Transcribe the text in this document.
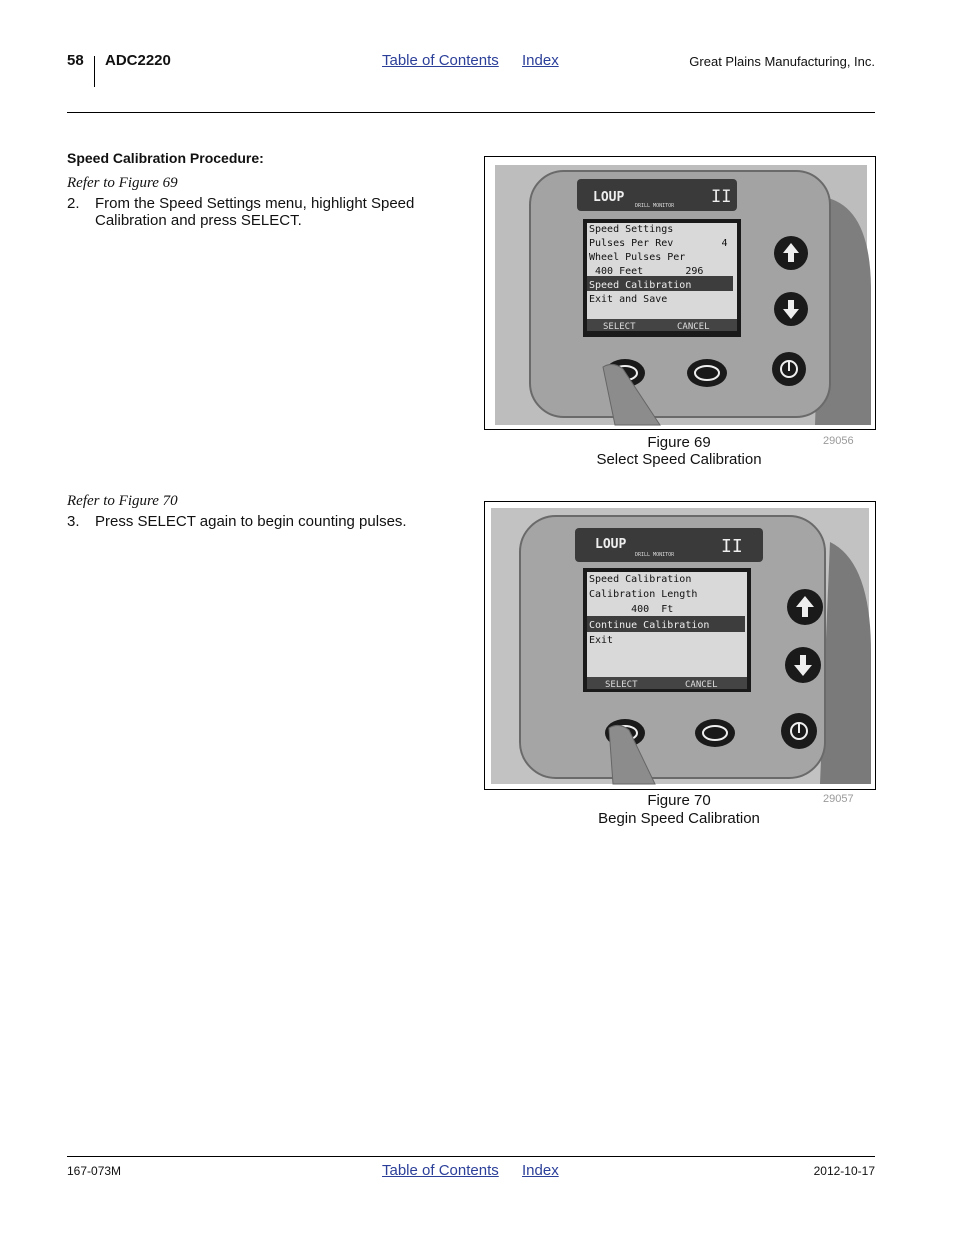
58 ADC2220	Table of Contents Index	Great Plains Manufacturing, Inc.
Speed Calibration Procedure:
Refer to Figure 69
2. From the Speed Settings menu, highlight Speed Calibration and press SELECT.
Refer to Figure 70
3. Press SELECT again to begin counting pulses.
LOUP
DRILL MONITOR II
Speed Settings
Pulses Per Rev        4
Wheel Pulses Per
400 Feet       296
Speed Calibration
Exit and Save
SELECT	CANCEL
Figure 69	29056
Select Speed Calibration
LOUP
DRILL MONITOR	II
Speed Calibration
Calibration Length
400  Ft
Continue Calibration
Exit
SELECT	CANCEL
Figure 70	29057
Begin Speed Calibration
167-073M	Table of Contents Index	2012-10-17
